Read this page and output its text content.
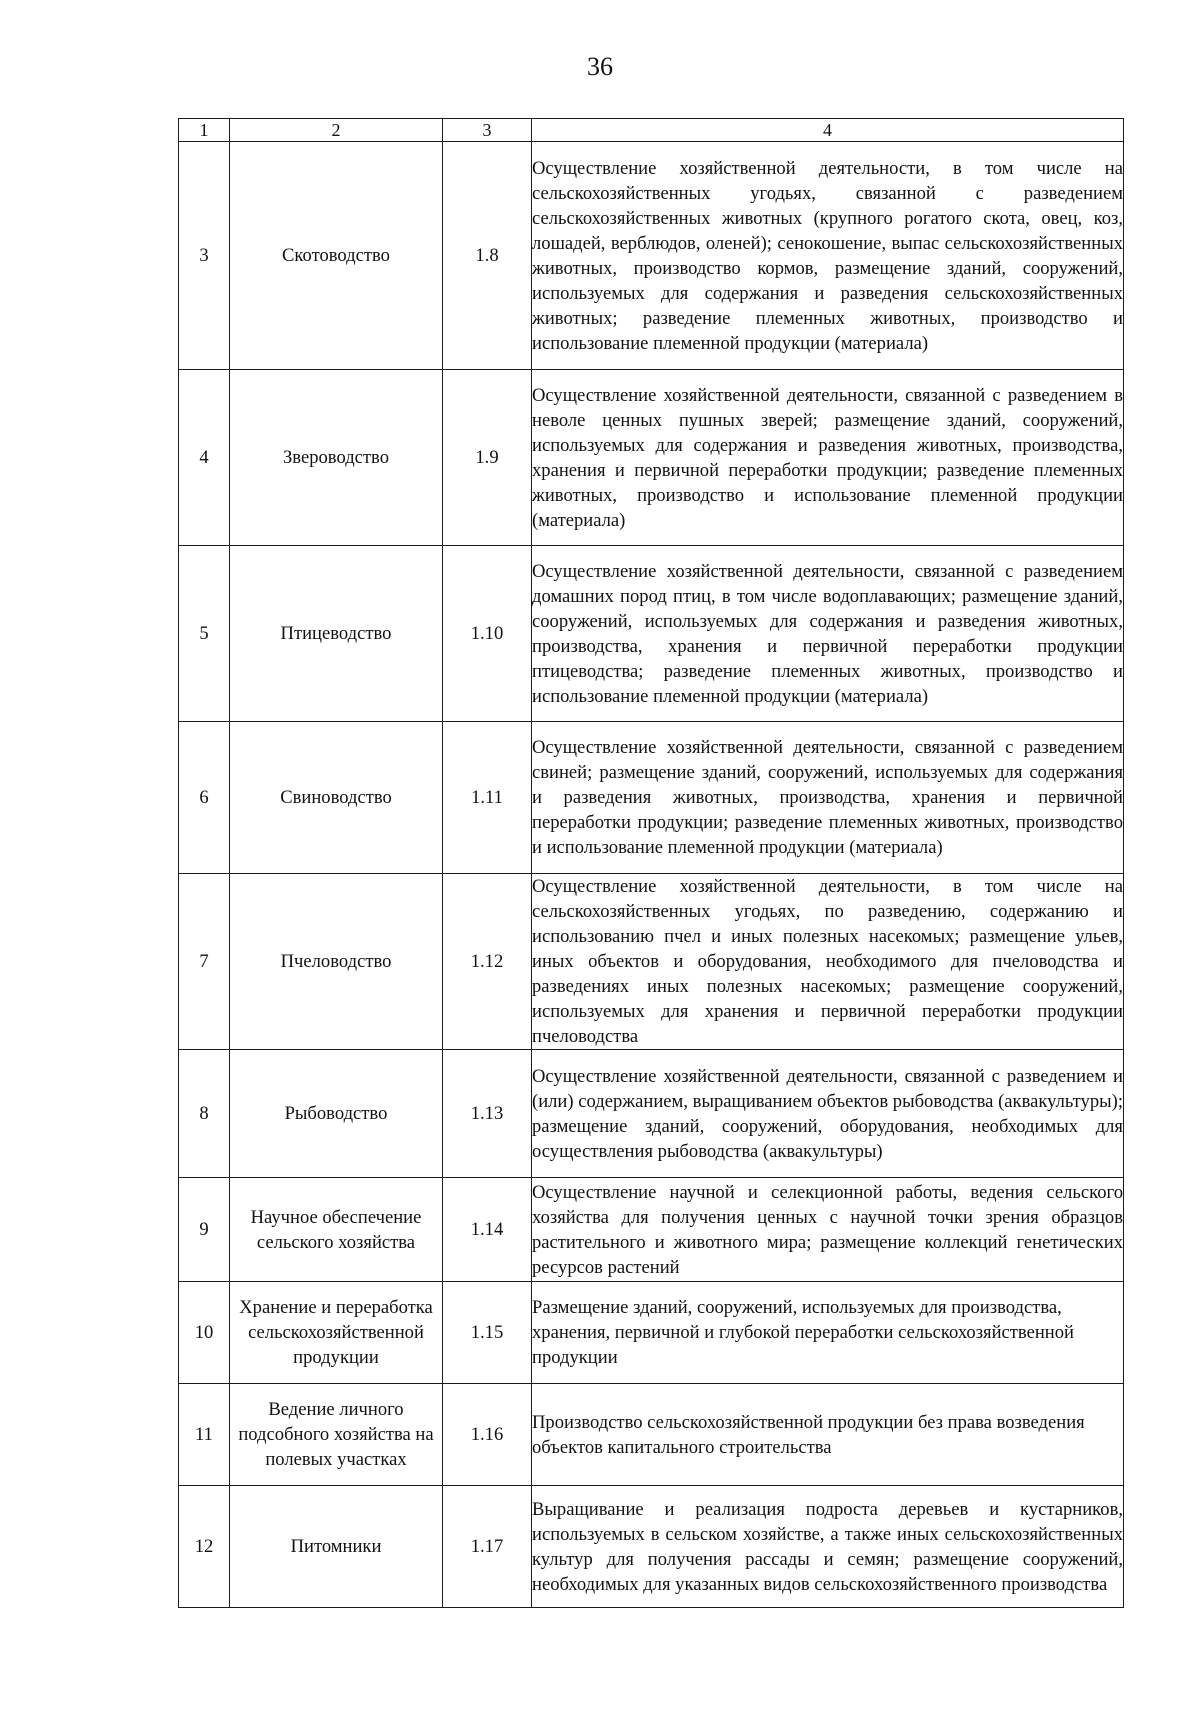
36
1	2	3	4
3	Скотоводство	1.8	Осуществление хозяйственной деятельности, в том числе на сельскохозяйственных угодьях, связанной с разведением сельскохозяйственных животных (крупного рогатого скота, овец, коз, лошадей, верблюдов, оленей); сенокошение, выпас сельскохозяйственных животных, производство кормов, размещение зданий, сооружений, используемых для содержания и разведения сельскохозяйственных животных; разведение племенных животных, производство и использование племенной продукции (материала)
4	Звероводство	1.9	Осуществление хозяйственной деятельности, связанной с разведением в неволе ценных пушных зверей; размещение зданий, сооружений, используемых для содержания и разведения животных, производства, хранения и первичной переработки продукции; разведение племенных животных, производство и использование племенной продукции (материала)
5	Птицеводство	1.10	Осуществление хозяйственной деятельности, связанной с разведением домашних пород птиц, в том числе водоплавающих; размещение зданий, сооружений, используемых для содержания и разведения животных, производства, хранения и первичной переработки продукции птицеводства; разведение племенных животных, производство и использование племенной продукции (материала)
6	Свиноводство	1.11	Осуществление хозяйственной деятельности, связанной с разведением свиней; размещение зданий, сооружений, используемых для содержания и разведения животных, производства, хранения и первичной переработки продукции; разведение племенных животных, производство и использование племенной продукции (материала)
7	Пчеловодство	1.12	Осуществление хозяйственной деятельности, в том числе на сельскохозяйственных угодьях, по разведению, содержанию и использованию пчел и иных полезных насекомых; размещение ульев, иных объектов и оборудования, необходимого для пчеловодства и разведениях иных полезных насекомых; размещение сооружений, используемых для хранения и первичной переработки продукции пчеловодства
8	Рыбоводство	1.13	Осуществление хозяйственной деятельности, связанной с разведением и (или) содержанием, выращиванием объектов рыбоводства (аквакультуры); размещение зданий, сооружений, оборудования, необходимых для осуществления рыбоводства (аквакультуры)
9	Научное обеспечение сельского хозяйства	1.14	Осуществление научной и селекционной работы, ведения сельского хозяйства для получения ценных с научной точки зрения образцов растительного и животного мира; размещение коллекций генетических ресурсов растений
10	Хранение и переработка сельскохозяйственной продукции	1.15	Размещение зданий, сооружений, используемых для производства, хранения, первичной и глубокой переработки сельскохозяйственной продукции
11	Ведение личного подсобного хозяйства на полевых участках	1.16	Производство сельскохозяйственной продукции без права возведения объектов капитального строительства
12	Питомники	1.17	Выращивание и реализация подроста деревьев и кустарников, используемых в сельском хозяйстве, а также иных сельскохозяйственных культур для получения рассады и семян; размещение сооружений, необходимых для указанных видов сельскохозяйственного производства
